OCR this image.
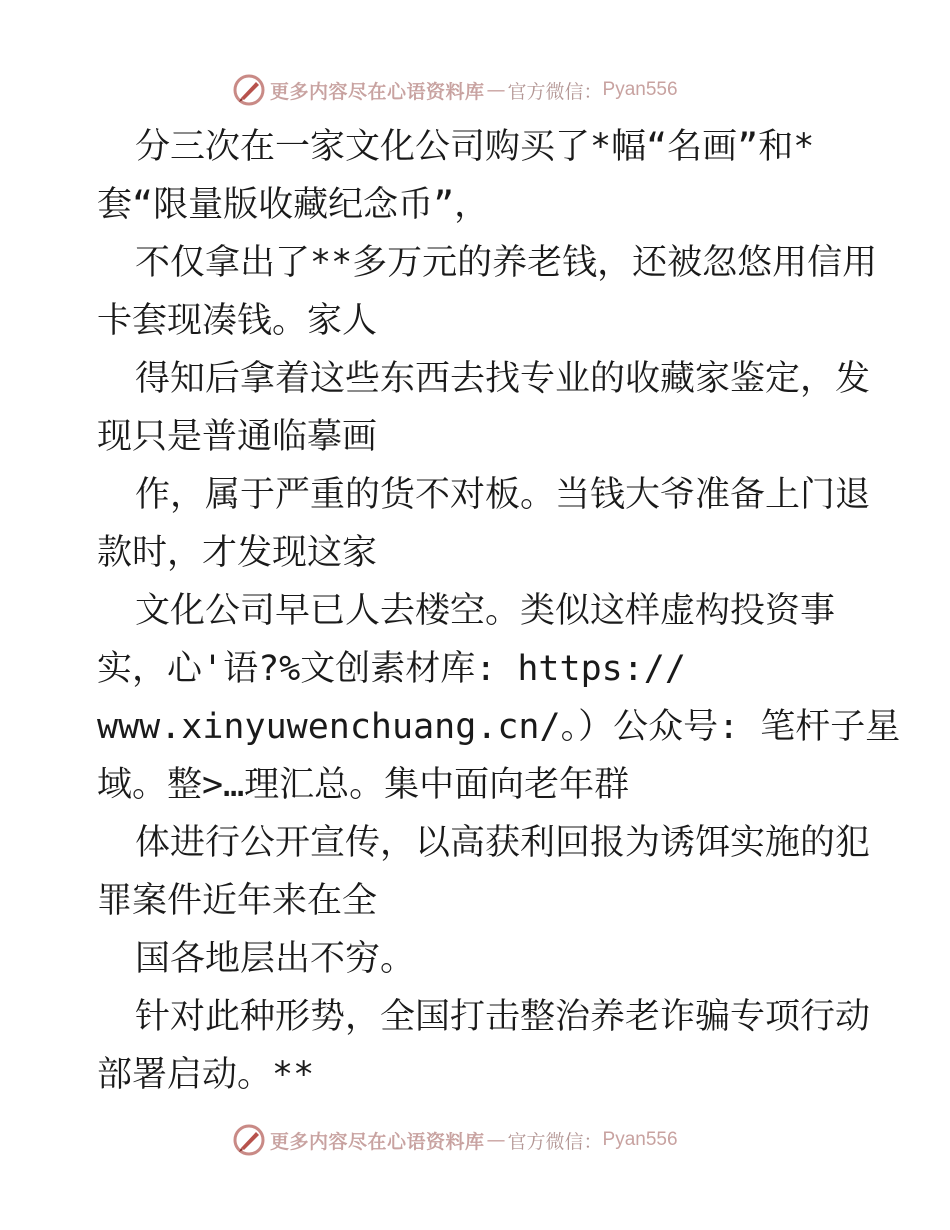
更多内容尽在心语资料库 — 官方微信： Pyan556
分三次在一家文化公司购买了*幅“名画”和*
套“限量版收藏纪念币”，
不仅拿出了**多万元的养老钱，还被忽悠用信用
卡套现凑钱。家人
得知后拿着这些东西去找专业的收藏家鉴定，发
现只是普通临摹画
作，属于严重的货不对板。当钱大爷准备上门退
款时，才发现这家
文化公司早已人去楼空。类似这样虚构投资事
实，心'语?%文创素材库: https://
www.xinyuwenchuang.cn/。）公众号: 笔杆子星
域。整>…理汇总。集中面向老年群
体进行公开宣传，以高获利回报为诱饵实施的犯
罪案件近年来在全
国各地层出不穷。
针对此种形势，全国打击整治养老诈骗专项行动
部署启动。**
更多内容尽在心语资料库 — 官方微信： Pyan556
